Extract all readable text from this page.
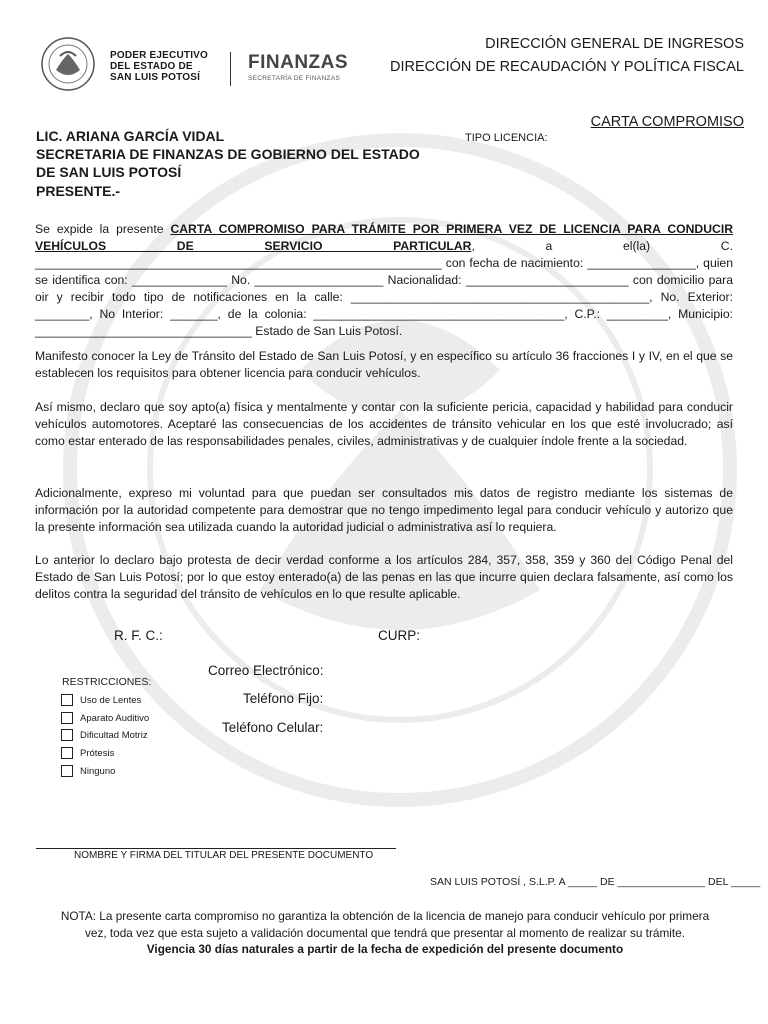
PODER EJECUTIVO
DEL ESTADO DE
SAN LUIS POTOSÍ
FINANZAS
SECRETARÍA DE FINANZAS
DIRECCIÓN GENERAL DE INGRESOS
DIRECCIÓN DE RECAUDACIÓN Y POLÍTICA FISCAL
CARTA COMPROMISO
TIPO LICENCIA:
LIC. ARIANA GARCÍA VIDAL
SECRETARIA DE FINANZAS DE GOBIERNO DEL ESTADO
DE SAN LUIS POTOSÍ
PRESENTE.-
Se expide la presente CARTA COMPROMISO PARA TRÁMITE POR PRIMERA VEZ DE LICENCIA PARA CONDUCIR VEHÍCULOS DE SERVICIO PARTICULAR, a el(la) C. ____________________________________________________________ con fecha de nacimiento: ________________, quien se identifica con: ______________ No. ___________________ Nacionalidad: ________________________ con domicilio para oir y recibir todo tipo de notificaciones en la calle: ____________________________________________, No. Exterior: ________, No Interior: _______, de la colonia: _____________________________________, C.P.: _________, Municipio: ________________________________ Estado de San Luis Potosí.
Manifesto conocer la Ley de Tránsito del Estado de San Luis Potosí, y en específico su artículo 36 fracciones I y IV, en el que se establecen los requisitos para obtener licencia para conducir vehículos.
Así mismo, declaro que soy apto(a) física y mentalmente y contar con la suficiente pericia, capacidad y habilidad para conducir vehículos automotores. Aceptaré las consecuencias de los accidentes de tránsito vehicular en los que esté involucrado; así como estar enterado de las responsabilidades penales, civiles, administrativas y de cualquier índole frente a la sociedad.
Adicionalmente, expreso mi voluntad para que puedan ser consultados mis datos de registro mediante los sistemas de información por la autoridad competente para demostrar que no tengo impedimento legal para conducir vehículo y autorizo que la presente información sea utilizada cuando la autoridad judicial o administrativa así lo requiera.
Lo anterior lo declaro bajo protesta de decir verdad conforme a los artículos 284, 357, 358, 359 y 360 del Código Penal del Estado de San Luis Potosí; por lo que estoy enterado(a) de las penas en las que incurre quien declara falsamente, así como los delitos contra la seguridad del tránsito de vehículos en lo que resulte aplicable.
R. F. C.:	CURP:
Correo Electrónico:
Teléfono Fijo:
Teléfono Celular:
RESTRICCIONES:
Uso de Lentes
Aparato Auditivo
Dificultad Motriz
Prótesis
Ninguno
NOMBRE Y FIRMA DEL TITULAR DEL PRESENTE DOCUMENTO
SAN LUIS POTOSÍ , S.L.P. A _____ DE _______________ DEL _____
NOTA: La presente carta compromiso no garantiza la obtención de la licencia de manejo para conducir vehículo por primera vez, toda vez que esta sujeto a validación documental que tendrá que presentar al momento de realizar su trámite.
Vigencia 30 días naturales a partir de la fecha de expedición del presente documento
